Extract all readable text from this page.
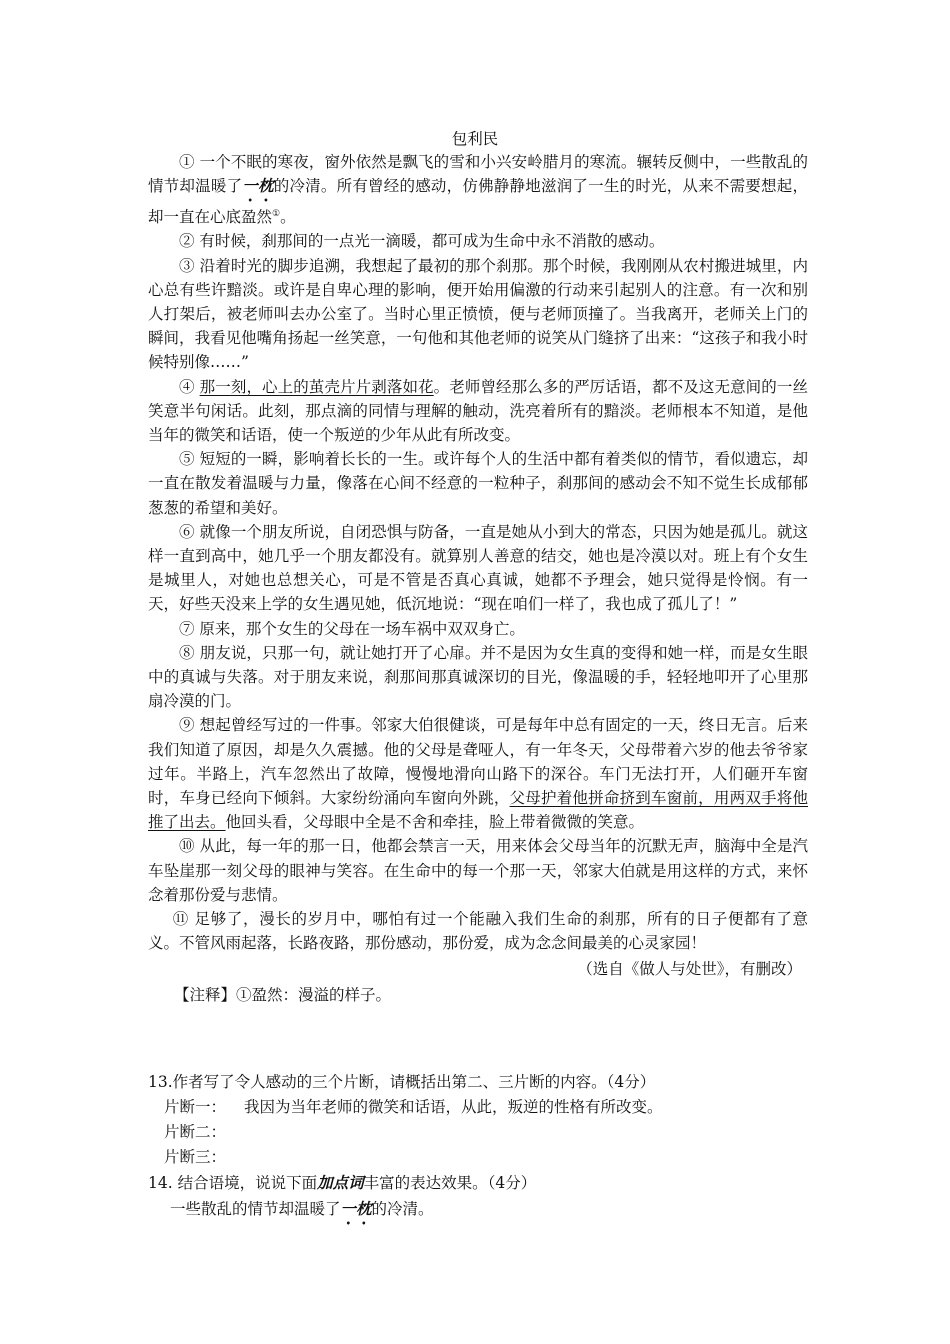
包利民

① 一个不眠的寒夜，窗外依然是飘飞的雪和小兴安岭腊月的寒流。辗转反侧中，一些散乱的情节却温暖了一枕的冷清。所有曾经的感动，仿佛静静地滋润了一生的时光，从来不需要想起，却一直在心底盈然①。

② 有时候，刹那间的一点光一滴暖，都可成为生命中永不消散的感动。

③ 沿着时光的脚步追溯，我想起了最初的那个刹那。那个时候，我刚刚从农村搬进城里，内心总有些许黯淡。或许是自卑心理的影响，便开始用偏激的行动来引起别人的注意。有一次和别人打架后，被老师叫去办公室了。当时心里正愤愤，便与老师顶撞了。当我离开，老师关上门的瞬间，我看见他嘴角扬起一丝笑意，一句他和其他老师的说笑从门缝挤了出来：“这孩子和我小时候特别像……”

④ 那一刻，心上的茧壳片片剥落如花。老师曾经那么多的严厉话语，都不及这无意间的一丝笑意半句闲话。此刻，那点滴的同情与理解的触动，洗亮着所有的黯淡。老师根本不知道，是他当年的微笑和话语，使一个叛逆的少年从此有所改变。

⑤ 短短的一瞬，影响着长长的一生。或许每个人的生活中都有着类似的情节，看似遗忘，却一直在散发着温暖与力量，像落在心间不经意的一粒种子，刹那间的感动会不知不觉生长成郁郁葱葱的希望和美好。

⑥ 就像一个朋友所说，自闭恐惧与防备，一直是她从小到大的常态，只因为她是孤儿。就这样一直到高中，她几乎一个朋友都没有。就算别人善意的结交，她也是冷漠以对。班上有个女生是城里人，对她也总想关心，可是不管是否真心真诚，她都不予理会，她只觉得是怜悯。有一天，好些天没来上学的女生遇见她，低沉地说：“现在咱们一样了，我也成了孤儿了！”

⑦ 原来，那个女生的父母在一场车祸中双双身亡。

⑧ 朋友说，只那一句，就让她打开了心扉。并不是因为女生真的变得和她一样，而是女生眼中的真诚与失落。对于朋友来说，刹那间那真诚深切的目光，像温暖的手，轻轻地叩开了心里那扇冷漠的门。

⑨ 想起曾经写过的一件事。邻家大伯很健谈，可是每年中总有固定的一天，终日无言。后来我们知道了原因，却是久久震撼。他的父母是聋哑人，有一年冬天，父母带着六岁的他去爷爷家过年。半路上，汽车忽然出了故障，慢慢地滑向山路下的深谷。车门无法打开，人们砸开车窗时，车身已经向下倾斜。大家纷纷涌向车窗向外跳，父母护着他拼命挤到车窗前，用两双手将他推了出去。他回头看，父母眼中全是不舍和牵挂，脸上带着微微的笑意。

⑩ 从此，每一年的那一日，他都会禁言一天，用来体会父母当年的沉默无声，脑海中全是汽车坠崖那一刻父母的眼神与笑容。在生命中的每一个那一天，邻家大伯就是用这样的方式，来怀念着那份爱与悲情。

⑪ 足够了，漫长的岁月中，哪怕有过一个能融入我们生命的刹那，所有的日子便都有了意义。不管风雨起落，长路夜路，那份感动，那份爱，成为念念间最美的心灵家园！

（选自《做人与处世》，有删改）

【注释】①盈然：漫溢的样子。

13.作者写了令人感动的三个片断，请概括出第二、三片断的内容。（4分）

片断一： 我因为当年老师的微笑和话语，从此，叛逆的性格有所改变。

片断二：

片断三：

14. 结合语境，说说下面加点词丰富的表达效果。（4分）

一些散乱的情节却温暖了一枕的冷清。
